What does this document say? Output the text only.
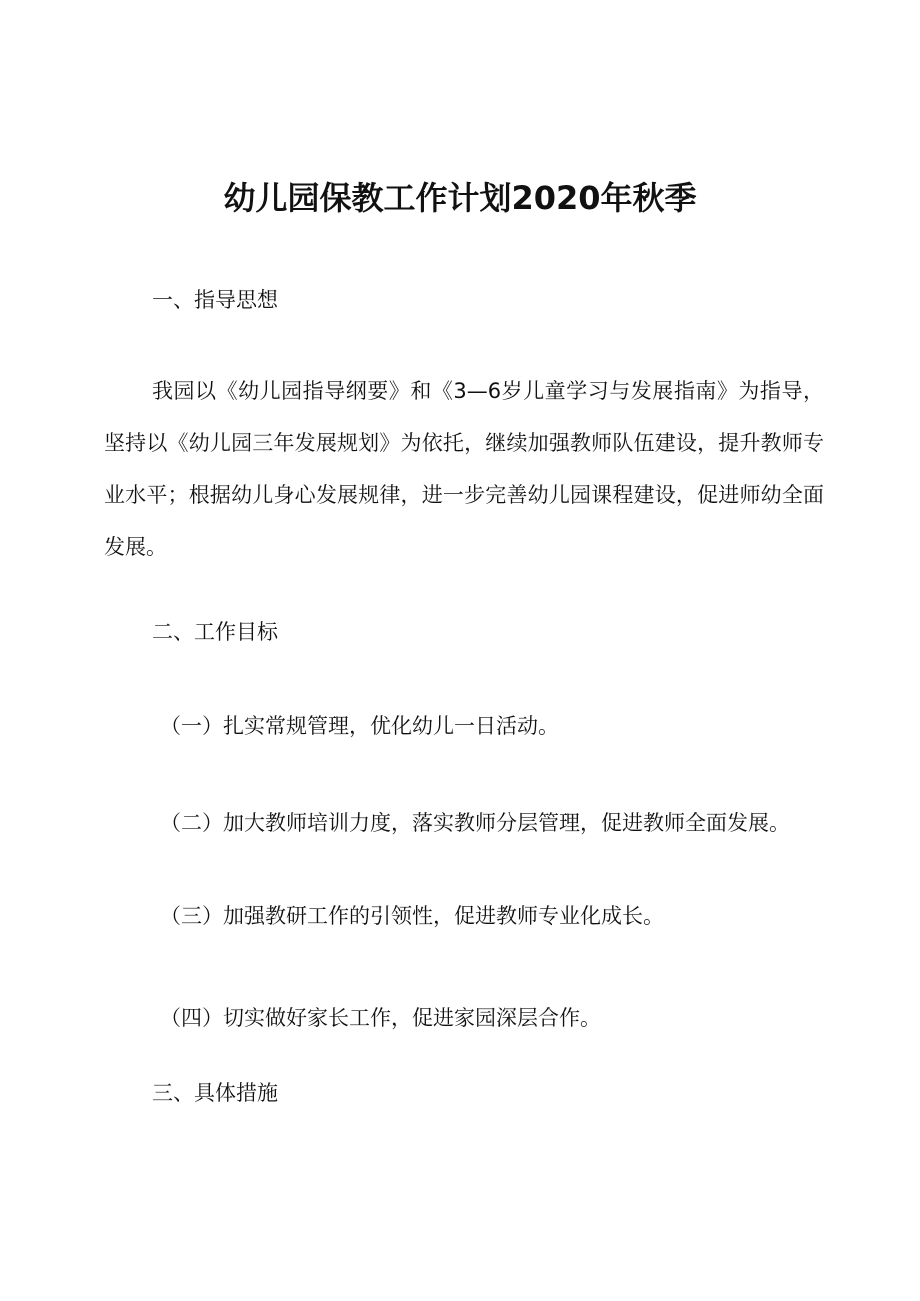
幼儿园保教工作计划2020年秋季
一、指导思想

我园以《幼儿园指导纲要》和《3—6岁儿童学习与发展指南》为指导，坚持以《幼儿园三年发展规划》为依托，继续加强教师队伍建设，提升教师专业水平；根据幼儿身心发展规律，进一步完善幼儿园课程建设，促进师幼全面发展。

二、工作目标
（一）扎实常规管理，优化幼儿一日活动。
（二）加大教师培训力度，落实教师分层管理，促进教师全面发展。
（三）加强教研工作的引领性，促进教师专业化成长。
（四）切实做好家长工作，促进家园深层合作。
三、具体措施
